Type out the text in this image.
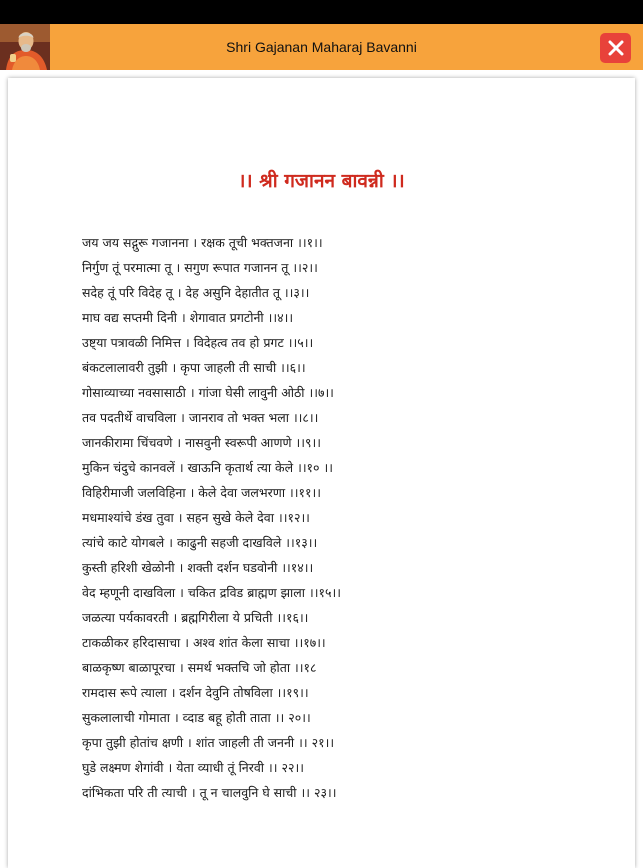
Shri Gajanan Maharaj Bavanni
।। श्री गजानन बावन्नी ।।
जय जय सद्गुरू गजानना । रक्षक तूची भक्तजना ।।१।।
निर्गुण तूं परमात्मा तू । सगुण रूपात गजानन तू ।।२।।
सदेह तूं परि विदेह तू । देह असुनि देहातीत तू ।।३।।
माघ वद्य सप्तमी दिनी । शेगावात प्रगटोनी ।।४।।
उष्ट्या पत्रावळी निमित्त । विदेहत्व तव हो प्रगट ।।५।।
बंकटलालावरी तुझी । कृपा जाहली ती साची ।।६।।
गोसाव्याच्या नवसासाठी । गांजा घेसी लावुनी ओठी ।।७।।
तव पदतीर्थे वाचविला । जानराव तो भक्त भला ।।८।।
जानकीरामा चिंचवणे । नासवुनी स्वरूपी आणणे ।।९।।
मुकिन चंदुचे कानवलें । खाऊनि कृतार्थ त्या केले ।।१० ।।
विहिरीमाजी जलविहिना । केले देवा जलभरणा ।।११।।
मधमाश्यांचे डंख तुवा । सहन सुखे केले देवा ।।१२।।
त्यांचे काटे योगबले । काढुनी सहजी दाखविले ।।१३।।
कुस्ती हरिशी खेळोनी । शक्ती दर्शन घडवोनी ।।१४।।
वेद म्हणूनी दाखविला । चकित द्रविड ब्राह्मण झाला ।।१५।।
जळत्या पर्यकावरती । ब्रह्मगिरीला ये प्रचिती ।।१६।।
टाकळीकर हरिदासाचा । अश्व शांत केला साचा ।।१७।।
बाळकृष्ण बाळापूरचा । समर्थ भक्तचि जो होता ।।१८
रामदास रूपे त्याला । दर्शन देवुनि तोषविला ।।१९।।
सुकलालाची गोमाता । व्दाड बहू होती ताता ।। २०।।
कृपा तुझी होतांच क्षणी । शांत जाहली ती जननी ।। २१।।
घुडे लक्ष्मण शेगांवी । येता व्याधी तूं निरवी ।। २२।।
दांभिकता परि ती त्याची । तू न चालवुनि घे साची ।। २३।।
